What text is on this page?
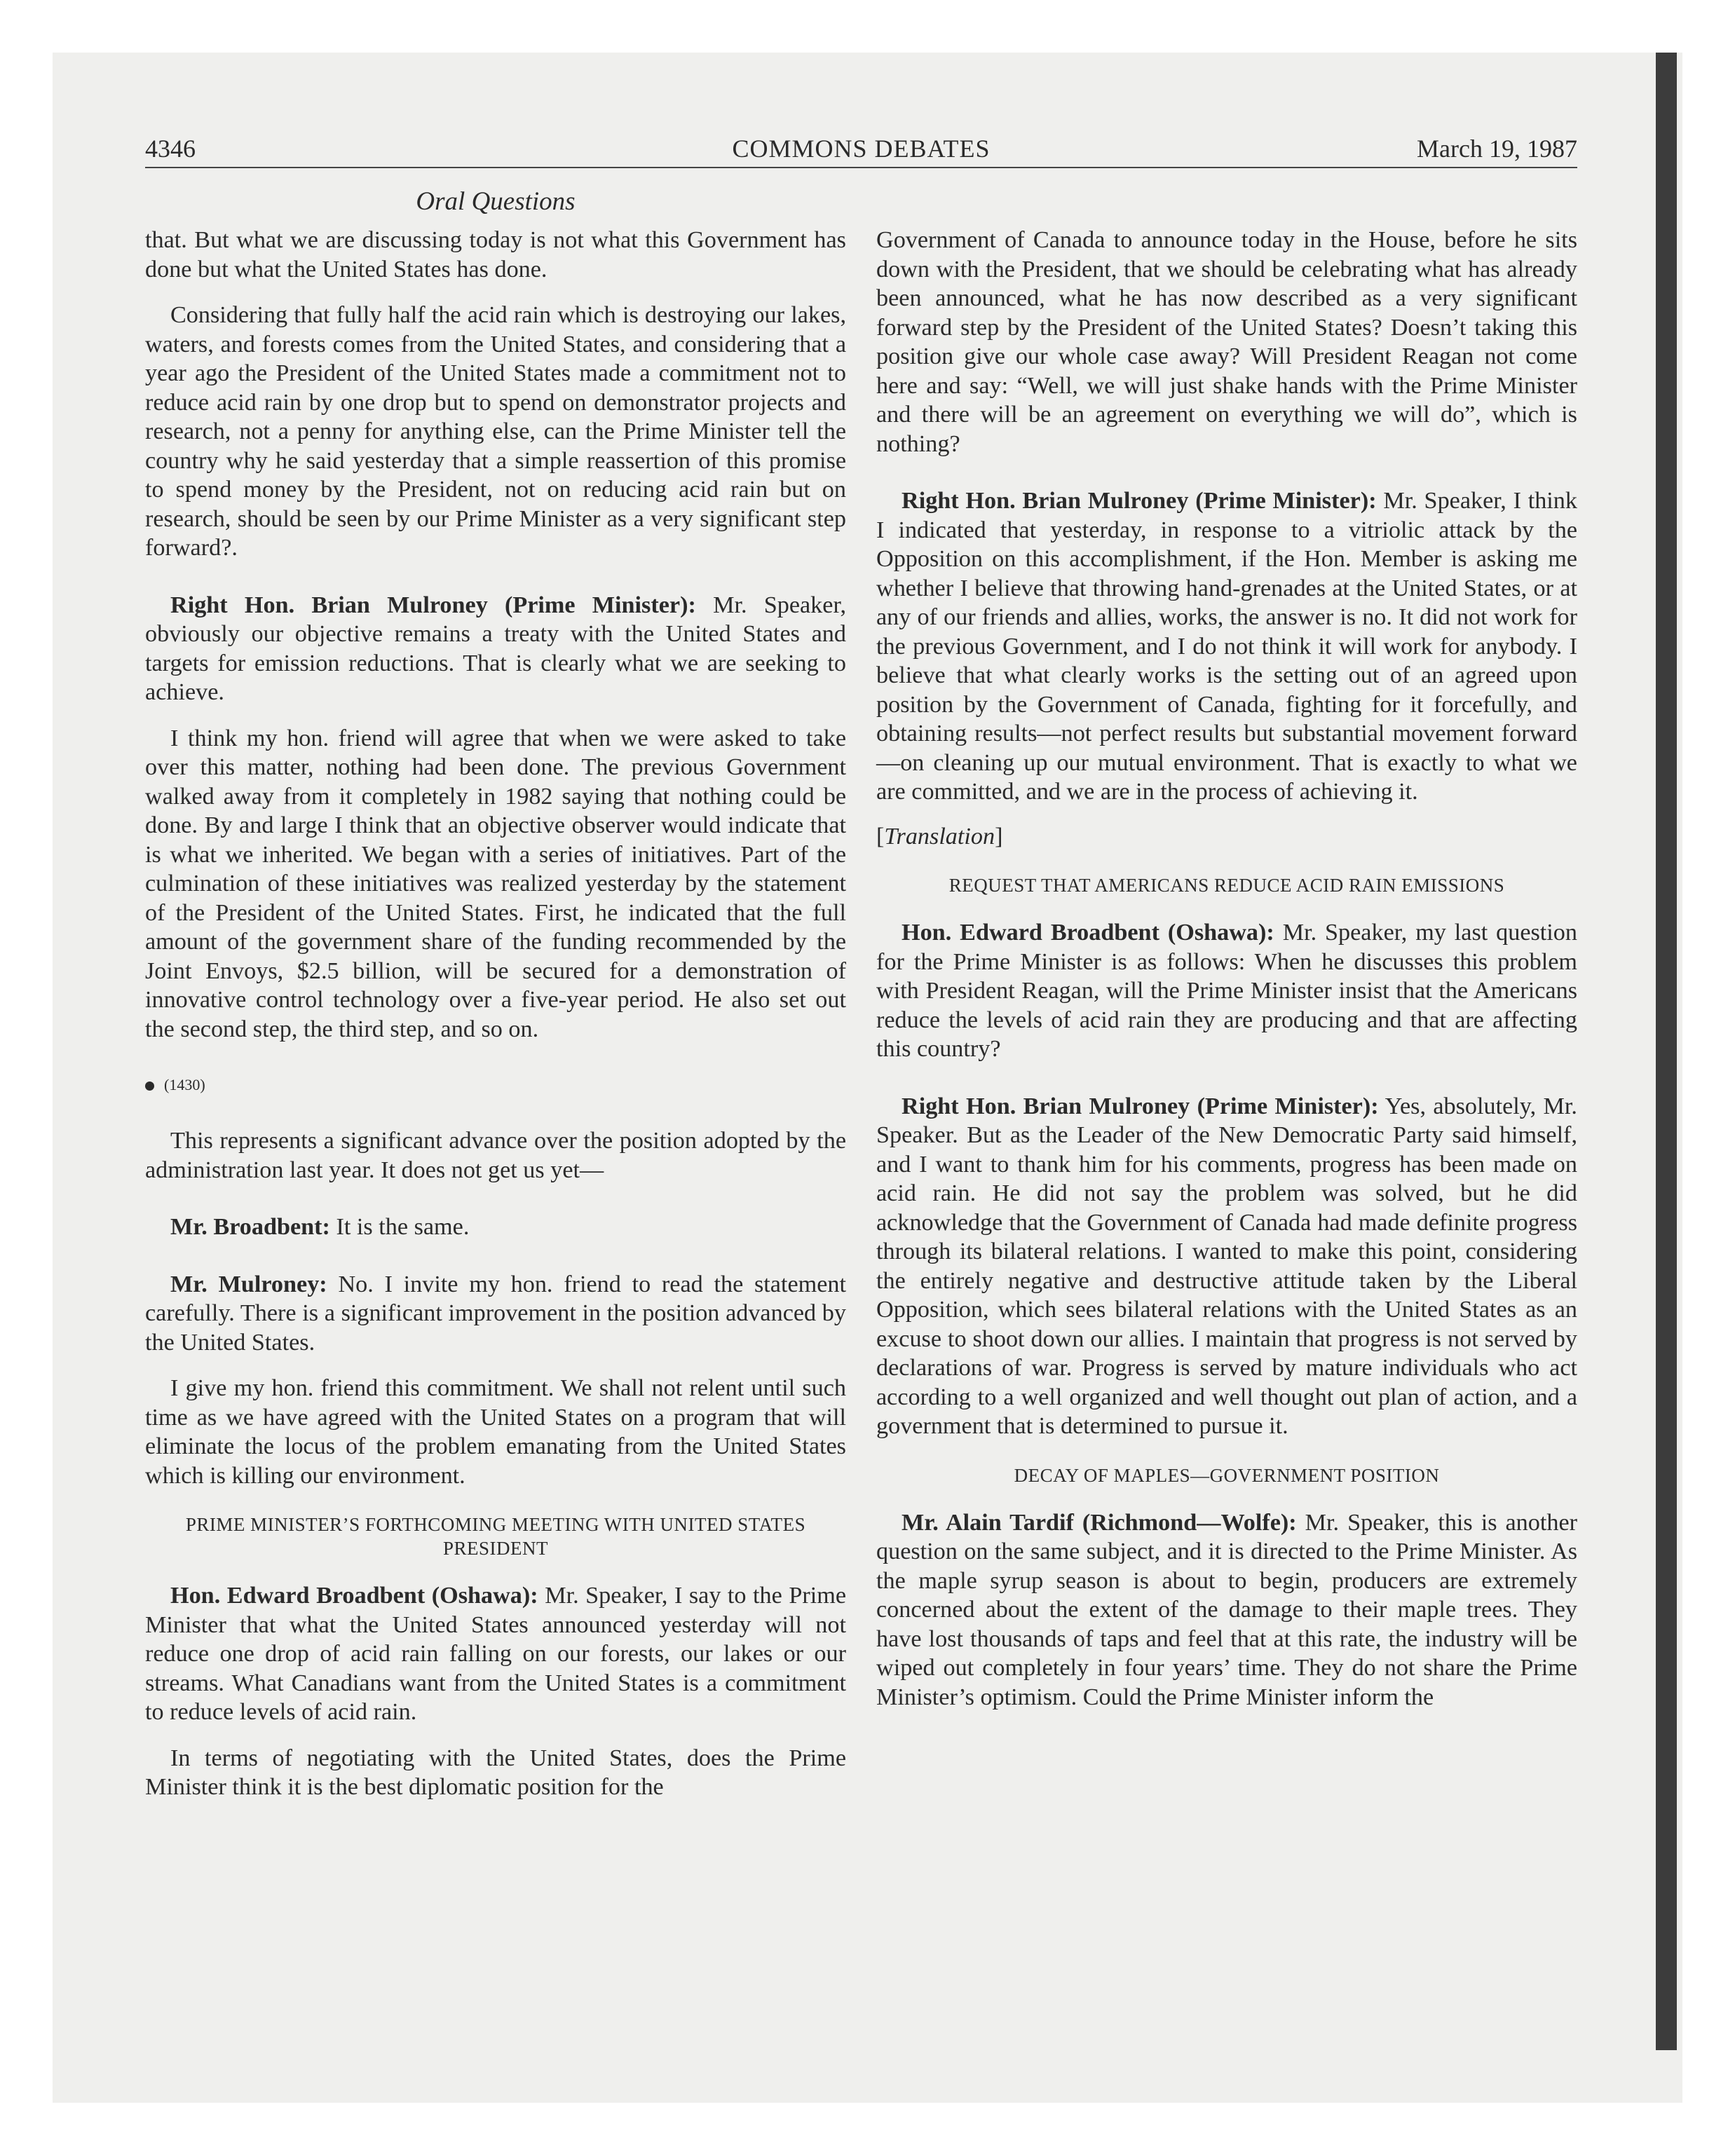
4346	COMMONS DEBATES	March 19, 1987
Oral Questions

that. But what we are discussing today is not what this Government has done but what the United States has done.

Considering that fully half the acid rain which is destroying our lakes, waters, and forests comes from the United States, and considering that a year ago the President of the United States made a commitment not to reduce acid rain by one drop but to spend on demonstrator projects and research, not a penny for anything else, can the Prime Minister tell the country why he said yesterday that a simple reassertion of this promise to spend money by the President, not on reducing acid rain but on research, should be seen by our Prime Minister as a very significant step forward?.

Right Hon. Brian Mulroney (Prime Minister): Mr. Speaker, obviously our objective remains a treaty with the United States and targets for emission reductions. That is clearly what we are seeking to achieve.

I think my hon. friend will agree that when we were asked to take over this matter, nothing had been done. The previous Government walked away from it completely in 1982 saying that nothing could be done. By and large I think that an objective observer would indicate that is what we inherited. We began with a series of initiatives. Part of the culmination of these initiatives was realized yesterday by the statement of the President of the United States. First, he indicated that the full amount of the government share of the funding recommended by the Joint Envoys, $2.5 billion, will be secured for a demonstration of innovative control technology over a five-year period. He also set out the second step, the third step, and so on.

(1430)

This represents a significant advance over the position adopted by the administration last year. It does not get us yet—

Mr. Broadbent: It is the same.

Mr. Mulroney: No. I invite my hon. friend to read the statement carefully. There is a significant improvement in the position advanced by the United States.

I give my hon. friend this commitment. We shall not relent until such time as we have agreed with the United States on a program that will eliminate the locus of the problem emanating from the United States which is killing our environment.

PRIME MINISTER’S FORTHCOMING MEETING WITH UNITED STATES PRESIDENT

Hon. Edward Broadbent (Oshawa): Mr. Speaker, I say to the Prime Minister that what the United States announced yesterday will not reduce one drop of acid rain falling on our forests, our lakes or our streams. What Canadians want from the United States is a commitment to reduce levels of acid rain.

In terms of negotiating with the United States, does the Prime Minister think it is the best diplomatic position for the

Government of Canada to announce today in the House, before he sits down with the President, that we should be celebrating what has already been announced, what he has now described as a very significant forward step by the President of the United States? Doesn’t taking this position give our whole case away? Will President Reagan not come here and say: “Well, we will just shake hands with the Prime Minister and there will be an agreement on everything we will do”, which is nothing?

Right Hon. Brian Mulroney (Prime Minister): Mr. Speaker, I think I indicated that yesterday, in response to a vitriolic attack by the Opposition on this accomplishment, if the Hon. Member is asking me whether I believe that throwing hand-grenades at the United States, or at any of our friends and allies, works, the answer is no. It did not work for the previous Government, and I do not think it will work for anybody. I believe that what clearly works is the setting out of an agreed upon position by the Government of Canada, fighting for it forcefully, and obtaining results—not perfect results but substantial movement forward—on cleaning up our mutual environment. That is exactly to what we are committed, and we are in the process of achieving it.

[Translation]

REQUEST THAT AMERICANS REDUCE ACID RAIN EMISSIONS

Hon. Edward Broadbent (Oshawa): Mr. Speaker, my last question for the Prime Minister is as follows: When he discusses this problem with President Reagan, will the Prime Minister insist that the Americans reduce the levels of acid rain they are producing and that are affecting this country?

Right Hon. Brian Mulroney (Prime Minister): Yes, absolutely, Mr. Speaker. But as the Leader of the New Democratic Party said himself, and I want to thank him for his comments, progress has been made on acid rain. He did not say the problem was solved, but he did acknowledge that the Government of Canada had made definite progress through its bilateral relations. I wanted to make this point, considering the entirely negative and destructive attitude taken by the Liberal Opposition, which sees bilateral relations with the United States as an excuse to shoot down our allies. I maintain that progress is not served by declarations of war. Progress is served by mature individuals who act according to a well organized and well thought out plan of action, and a government that is determined to pursue it.

DECAY OF MAPLES—GOVERNMENT POSITION

Mr. Alain Tardif (Richmond—Wolfe): Mr. Speaker, this is another question on the same subject, and it is directed to the Prime Minister. As the maple syrup season is about to begin, producers are extremely concerned about the extent of the damage to their maple trees. They have lost thousands of taps and feel that at this rate, the industry will be wiped out completely in four years’ time. They do not share the Prime Minister’s optimism. Could the Prime Minister inform the
